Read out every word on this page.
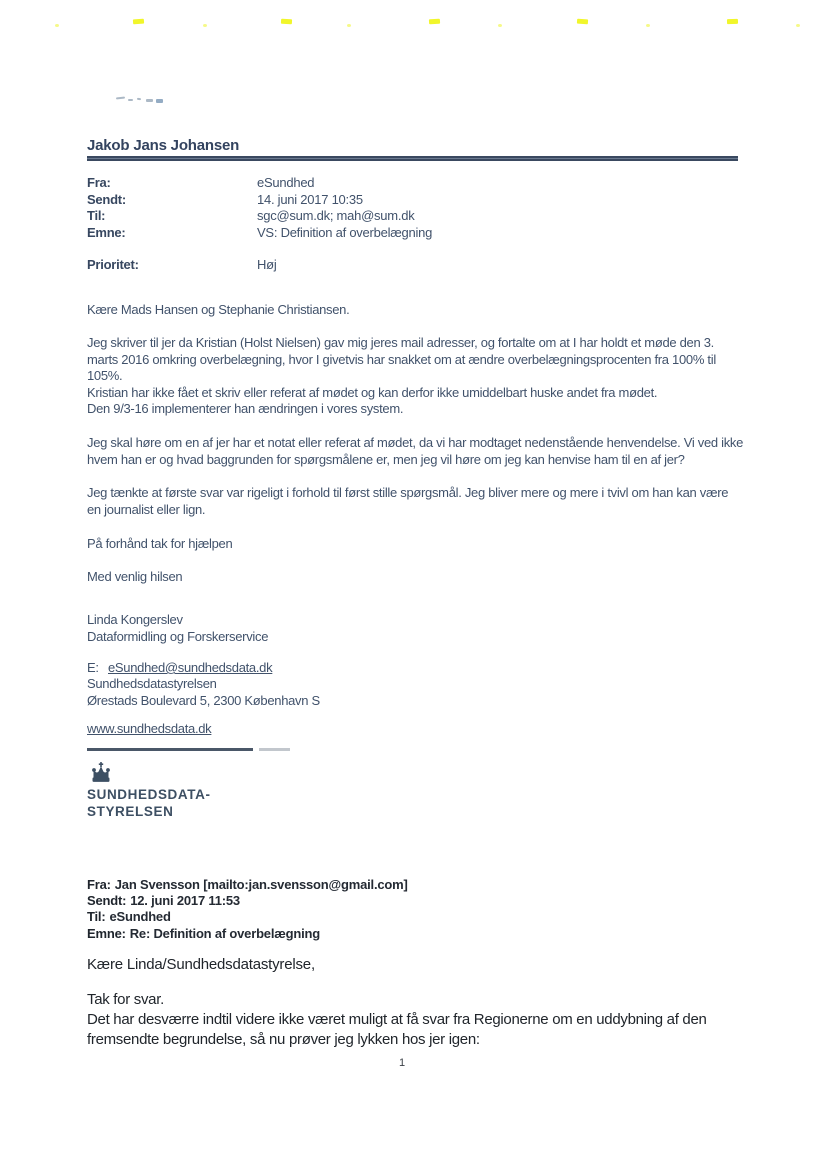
Jakob Jans Johansen
Fra:	eSundhed
Sendt:	14. juni 2017 10:35
Til:	sgc@sum.dk; mah@sum.dk
Emne:	VS: Definition af overbelægning
Prioritet:	Høj
Kære Mads Hansen og Stephanie Christiansen.
Jeg skriver til jer da Kristian (Holst Nielsen) gav mig jeres mail adresser, og fortalte om at I har holdt et møde den 3. marts 2016 omkring overbelægning, hvor I givetvis har snakket om at ændre overbelægningsprocenten fra 100% til 105%.
Kristian har ikke fået et skriv eller referat af mødet og kan derfor ikke umiddelbart huske andet fra mødet.
Den 9/3-16 implementerer han ændringen i vores system.
Jeg skal høre om en af jer har et notat eller referat af mødet, da vi har modtaget nedenstående henvendelse. Vi ved ikke hvem han er og hvad baggrunden for spørgsmålene er, men jeg vil høre om jeg kan henvise ham til en af jer?
Jeg tænkte at første svar var rigeligt i forhold til først stille spørgsmål. Jeg bliver mere og mere i tvivl om han kan være en journalist eller lign.
På forhånd tak for hjælpen
Med venlig hilsen
Linda Kongerslev
Dataformidling og Forskerservice
E: eSundhed@sundhedsdata.dk
Sundhedsdatastyrelsen
Ørestads Boulevard 5, 2300 København S
www.sundhedsdata.dk
SUNDHEDSDATA-
STYRELSEN
Fra: Jan Svensson [mailto:jan.svensson@gmail.com]
Sendt: 12. juni 2017 11:53
Til: eSundhed
Emne: Re: Definition af overbelægning
Kære Linda/Sundhedsdatastyrelse,
Tak for svar.
Det har desværre indtil videre ikke været muligt at få svar fra Regionerne om en uddybning af den fremsendte begrundelse, så nu prøver jeg lykken hos jer igen:
1
